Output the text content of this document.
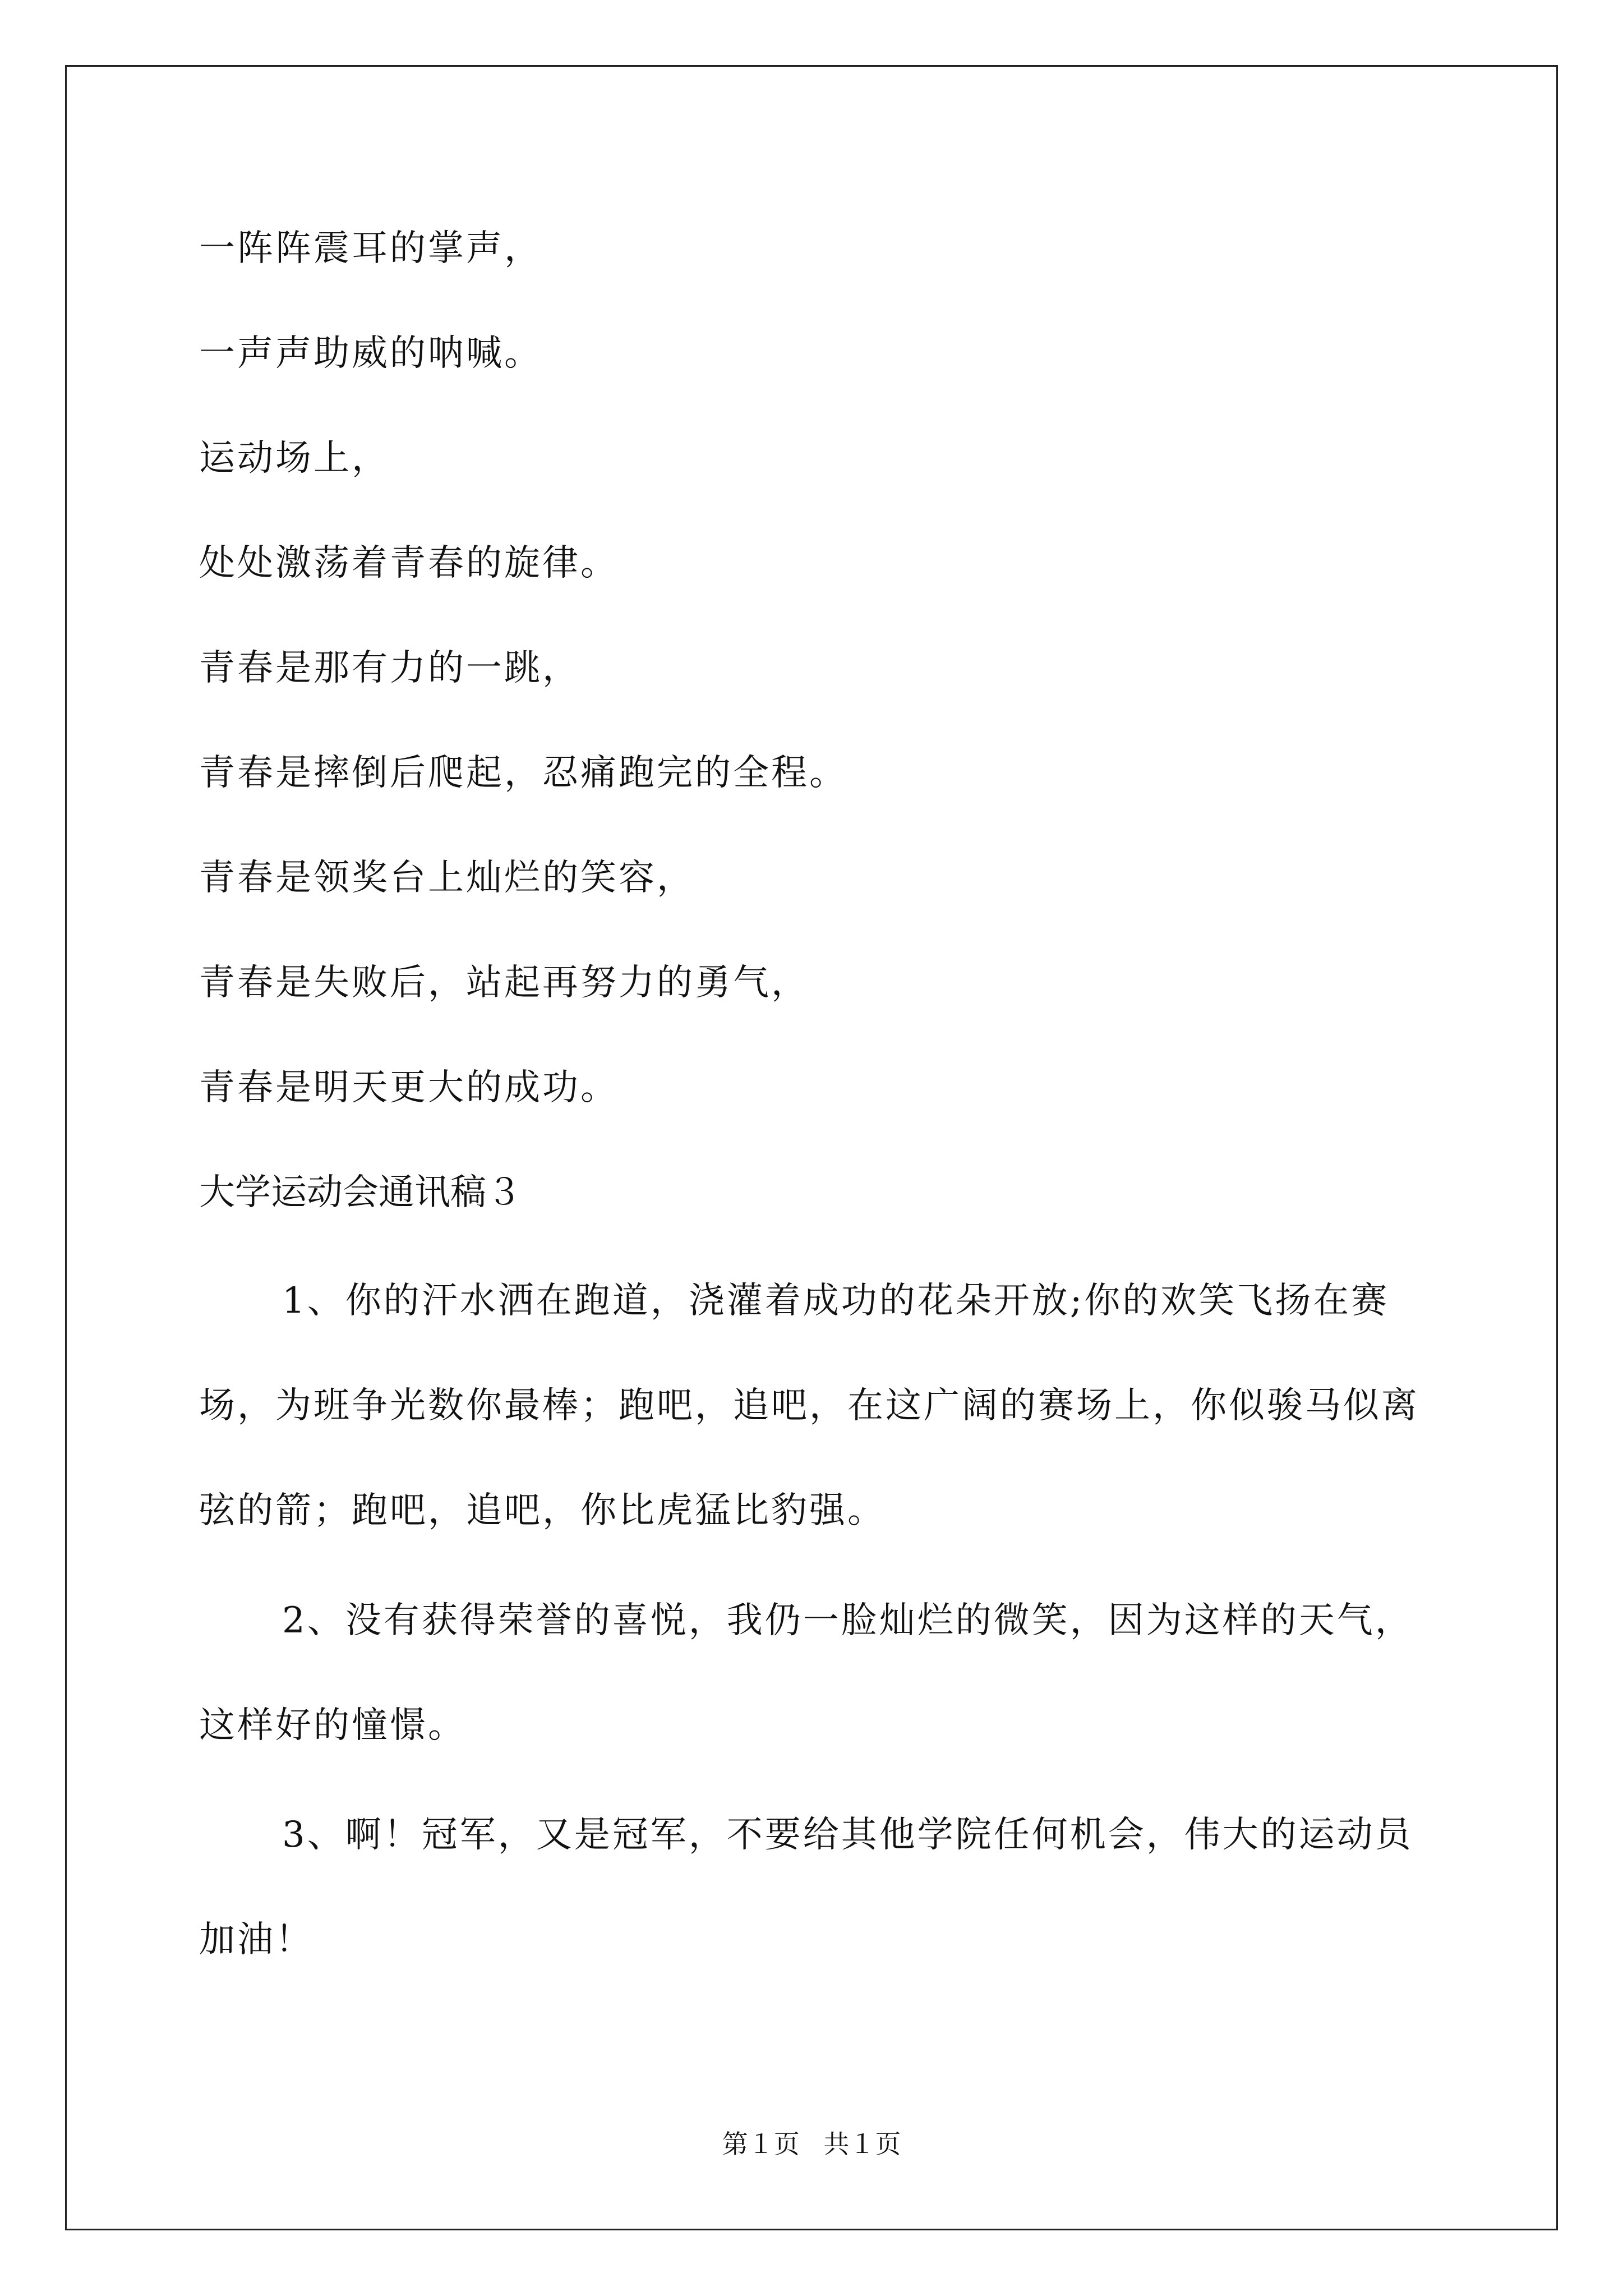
一阵阵震耳的掌声，
一声声助威的呐喊。
运动场上，
处处激荡着青春的旋律。
青春是那有力的一跳，
青春是摔倒后爬起，忍痛跑完的全程。
青春是领奖台上灿烂的笑容，
青春是失败后，站起再努力的勇气，
青春是明天更大的成功。
大学运动会通讯稿３
1、你的汗水洒在跑道，浇灌着成功的花朵开放;你的欢笑飞扬在赛场，为班争光数你最棒；跑吧，追吧，在这广阔的赛场上，你似骏马似离弦的箭；跑吧，追吧，你比虎猛比豹强。
2、没有获得荣誉的喜悦，我仍一脸灿烂的微笑，因为这样的天气，这样好的憧憬。
3、啊！冠军，又是冠军，不要给其他学院任何机会，伟大的运动员加油！
第１页 共１页
